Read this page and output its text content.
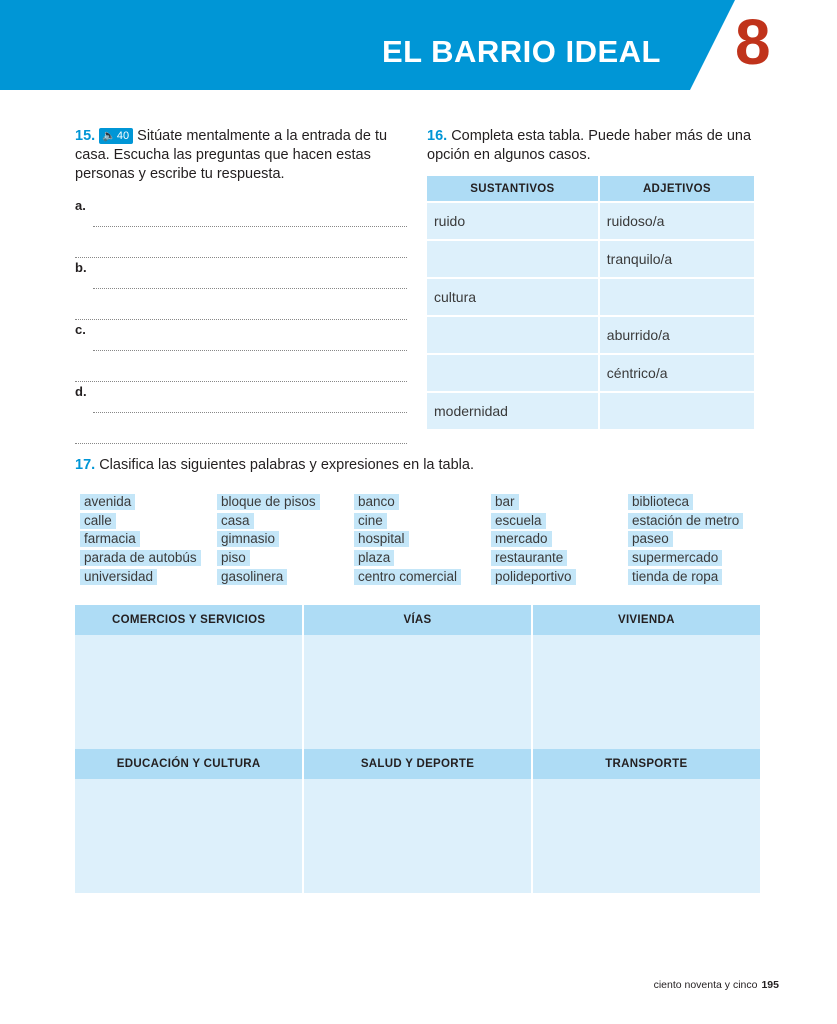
EL BARRIO IDEAL 8
15. 🔈40 Sitúate mentalmente a la entrada de tu casa. Escucha las preguntas que hacen estas personas y escribe tu respuesta.
a.
b.
c.
d.
16. Completa esta tabla. Puede haber más de una opción en algunos casos.
SUSTANTIVOS	ADJETIVOS
ruido	ruidoso/a
	tranquilo/a
cultura	
	aburrido/a
	céntrico/a
modernidad	
17. Clasifica las siguientes palabras y expresiones en la tabla.
avenida	bloque de pisos	banco	bar	biblioteca
calle	casa	cine	escuela	estación de metro
farmacia	gimnasio	hospital	mercado	paseo
parada de autobús	piso	plaza	restaurante	supermercado
universidad	gasolinera	centro comercial	polideportivo	tienda de ropa
COMERCIOS Y SERVICIOS	VÍAS	VIVIENDA

EDUCACIÓN Y CULTURA	SALUD Y DEPORTE	TRANSPORTE

ciento noventa y cinco 195
